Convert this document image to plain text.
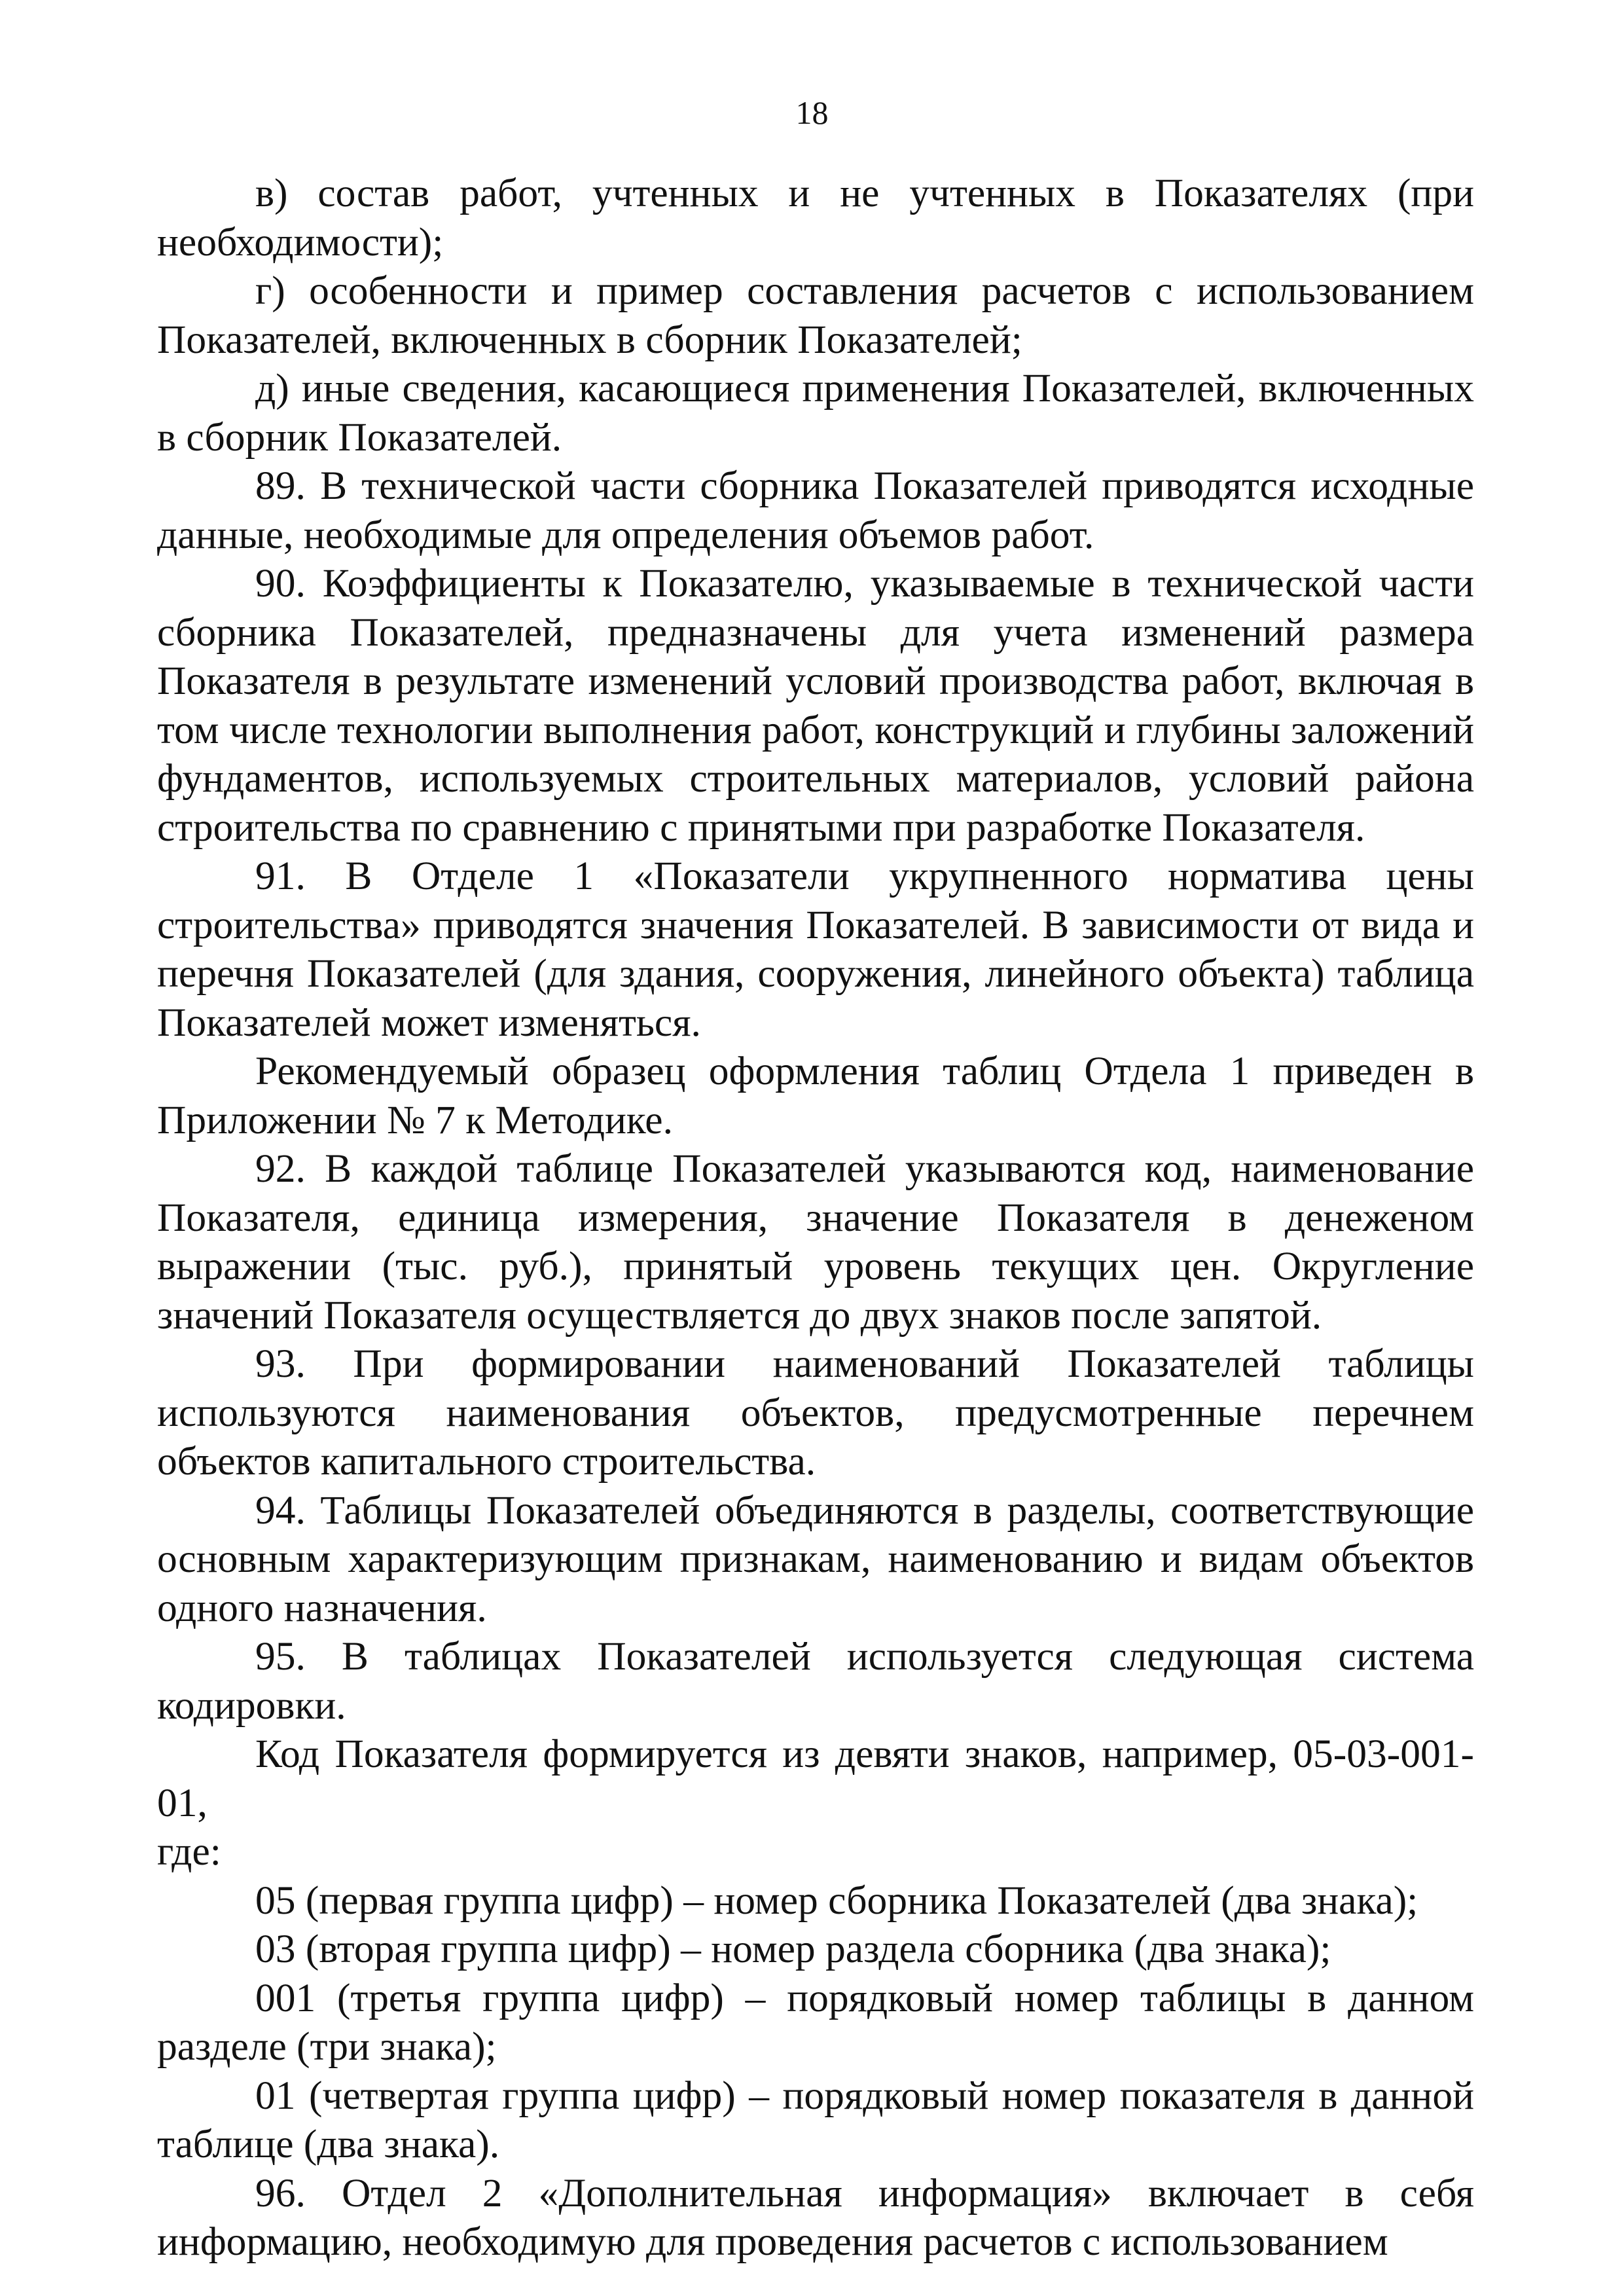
18

в) состав работ, учтенных и не учтенных в Показателях (при необходимости);

г) особенности и пример составления расчетов с использованием Показателей, включенных в сборник Показателей;

д) иные сведения, касающиеся применения Показателей, включенных в сборник Показателей.

89. В технической части сборника Показателей приводятся исходные данные, необходимые для определения объемов работ.

90. Коэффициенты к Показателю, указываемые в технической части сборника Показателей, предназначены для учета изменений размера Показателя в результате изменений условий производства работ, включая в том числе технологии выполнения работ, конструкций и глубины заложений фундаментов, используемых строительных материалов, условий района строительства по сравнению с принятыми при разработке Показателя.

91. В Отделе 1 «Показатели укрупненного норматива цены строительства» приводятся значения Показателей. В зависимости от вида и перечня Показателей (для здания, сооружения, линейного объекта) таблица Показателей может изменяться.

Рекомендуемый образец оформления таблиц Отдела 1 приведен в Приложении № 7 к Методике.

92. В каждой таблице Показателей указываются код, наименование Показателя, единица измерения, значение Показателя в денеженом выражении (тыс. руб.), принятый уровень текущих цен. Округление значений Показателя осуществляется до двух знаков после запятой.

93. При формировании наименований Показателей таблицы используются наименования объектов, предусмотренные перечнем объектов капитального строительства.

94. Таблицы Показателей объединяются в разделы, соответствующие основным характеризующим признакам, наименованию и видам объектов одного назначения.

95. В таблицах Показателей используется следующая система кодировки.

Код Показателя формируется из девяти знаков, например, 05-03-001-01,

где:

05 (первая группа цифр) – номер сборника Показателей (два знака);

03 (вторая группа цифр) – номер раздела сборника (два знака);

001 (третья группа цифр) – порядковый номер таблицы в данном разделе (три знака);

01 (четвертая группа цифр) – порядковый номер показателя в данной таблице (два знака).

96. Отдел 2 «Дополнительная информация» включает в себя информацию, необходимую для проведения расчетов с использованием
